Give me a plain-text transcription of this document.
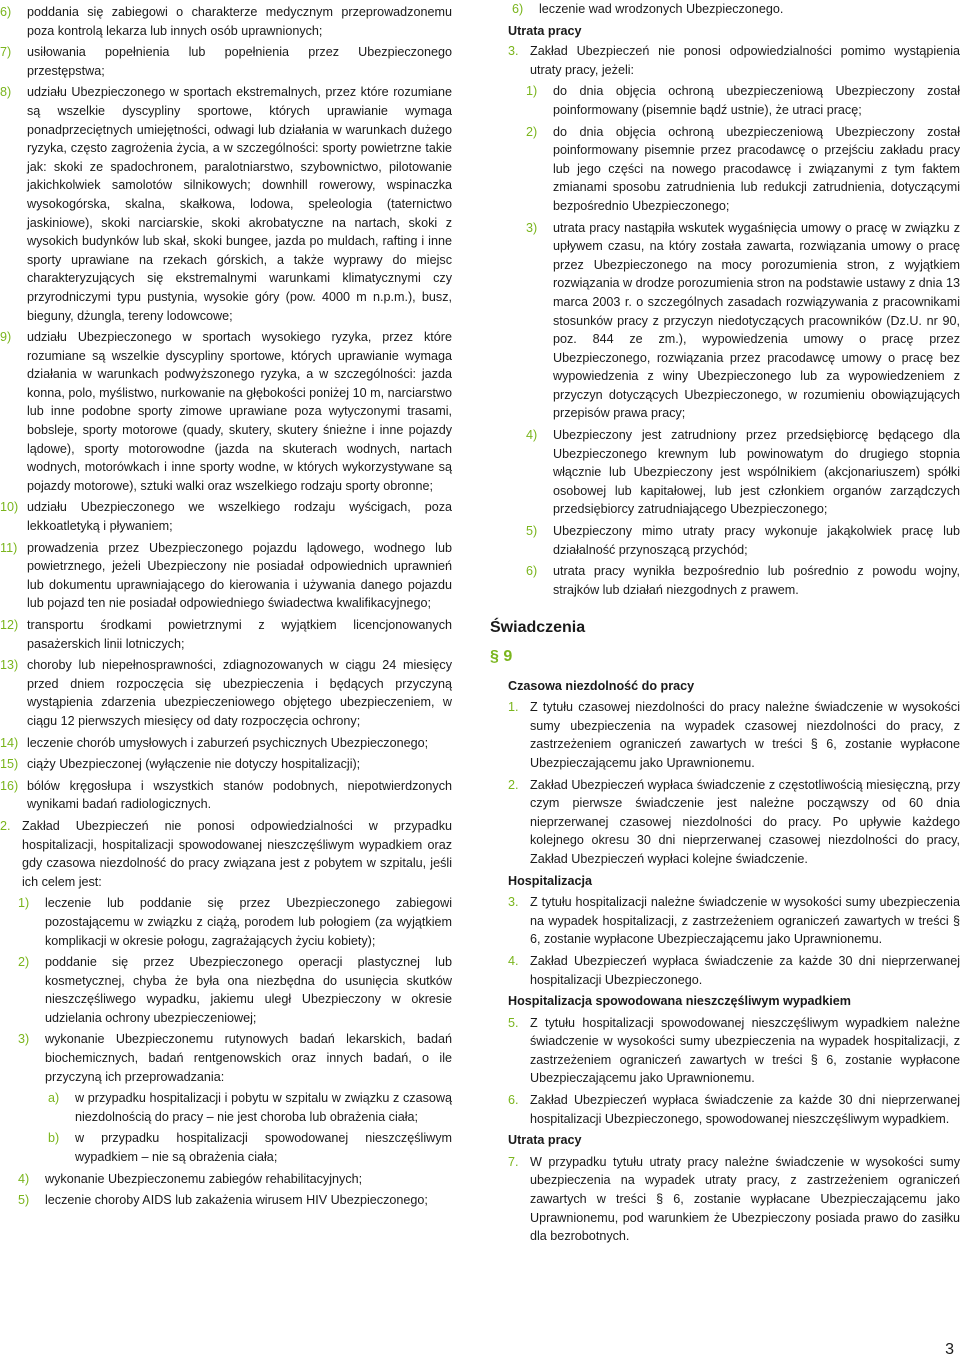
6)	poddania się zabiegowi o charakterze medycznym przeprowadzonemu poza kontrolą lekarza lub innych osób uprawnionych;
7)	usiłowania popełnienia lub popełnienia przez Ubezpieczonego przestępstwa;
8)	udziału Ubezpieczonego w sportach ekstremalnych, przez które rozumiane są wszelkie dyscypliny sportowe, których uprawianie wymaga ponadprzeciętnych umiejętności, odwagi lub działania w warunkach dużego ryzyka, często zagrożenia życia, a w szczególności: sporty powietrzne takie jak: skoki ze spadochronem, paralotniarstwo, szybownictwo, pilotowanie jakichkolwiek samolotów silnikowych; downhill rowerowy, wspinaczka wysokogórska, skalna, skałkowa, lodowa, speleologia (taternictwo jaskiniowe), skoki narciarskie, skoki akrobatyczne na nartach, skoki z wysokich budynków lub skał, skoki bungee, jazda po muldach, rafting i inne sporty uprawiane na rzekach górskich, a także wyprawy do miejsc charakteryzujących się ekstremalnymi warunkami klimatycznymi czy przyrodniczymi typu pustynia, wysokie góry (pow. 4000 m n.p.m.), busz, bieguny, dżungla, tereny lodowcowe;
9)	udziału Ubezpieczonego w sportach wysokiego ryzyka, przez które rozumiane są wszelkie dyscypliny sportowe, których uprawianie wymaga działania w warunkach podwyższonego ryzyka, a w szczególności: jazda konna, polo, myślistwo, nurkowanie na głębokości poniżej 10 m, narciarstwo lub inne podobne sporty zimowe uprawiane poza wytyczonymi trasami, bobsleje, sporty motorowe (quady, skutery, skutery śnieżne i inne pojazdy lądowe), sporty motorowodne (jazda na skuterach wodnych, nartach wodnych, motorówkach i inne sporty wodne, w których wykorzystywane są pojazdy motorowe), sztuki walki oraz wszelkiego rodzaju sporty obronne;
10) udziału Ubezpieczonego we wszelkiego rodzaju wyścigach, poza lekkoatletyką i pływaniem;
11) prowadzenia przez Ubezpieczonego pojazdu lądowego, wodnego lub powietrznego, jeżeli Ubezpieczony nie posiadał odpowiednich uprawnień lub dokumentu uprawniającego do kierowania i używania danego pojazdu lub pojazd ten nie posiadał odpowiedniego świadectwa kwalifikacyjnego;
12) transportu środkami powietrznymi z wyjątkiem licencjonowanych pasażerskich linii lotniczych;
13) choroby lub niepełnosprawności, zdiagnozowanych w ciągu 24 miesięcy przed dniem rozpoczęcia się ubezpieczenia i będących przyczyną wystąpienia zdarzenia ubezpieczeniowego objętego ubezpieczeniem, w ciągu 12 pierwszych miesięcy od daty rozpoczęcia ochrony;
14) leczenie chorób umysłowych i zaburzeń psychicznych Ubezpieczonego;
15) ciąży Ubezpieczonej (wyłączenie nie dotyczy hospitalizacji);
16) bólów kręgosłupa i wszystkich stanów podobnych, niepotwierdzonych wynikami badań radiologicznych.
2. Zakład Ubezpieczeń nie ponosi odpowiedzialności w przypadku hospitalizacji, hospitalizacji spowodowanej nieszczęśliwym wypadkiem oraz gdy czasowa niezdolność do pracy związana jest z pobytem w szpitalu, jeśli ich celem jest:
1)	leczenie lub poddanie się przez Ubezpieczonego zabiegowi pozostającemu w związku z ciążą, porodem lub połogiem (za wyjątkiem komplikacji w okresie połogu, zagrażających życiu kobiety);
2)	poddanie się przez Ubezpieczonego operacji plastycznej lub kosmetycznej, chyba że była ona niezbędna do usunięcia skutków nieszczęśliwego wypadku, jakiemu uległ Ubezpieczony w okresie udzielania ochrony ubezpieczeniowej;
3)	wykonanie Ubezpieczonemu rutynowych badań lekarskich, badań biochemicznych, badań rentgenowskich oraz innych badań, o ile przyczyną ich przeprowadzania:
a)	w przypadku hospitalizacji i pobytu w szpitalu w związku z czasową niezdolnością do pracy – nie jest choroba lub obrażenia ciała;
b)	w przypadku hospitalizacji spowodowanej nieszczęśliwym wypadkiem – nie są obrażenia ciała;
4)	wykonanie Ubezpieczonemu zabiegów rehabilitacyjnych;
5)	leczenie choroby AIDS lub zakażenia wirusem HIV Ubezpieczonego;
6)	leczenie wad wrodzonych Ubezpieczonego.
Utrata pracy
3. Zakład Ubezpieczeń nie ponosi odpowiedzialności pomimo wystąpienia utraty pracy, jeżeli:
1)	do dnia objęcia ochroną ubezpieczeniową Ubezpieczony został poinformowany (pisemnie bądź ustnie), że utraci pracę;
2)	do dnia objęcia ochroną ubezpieczeniową Ubezpieczony został poinformowany pisemnie przez pracodawcę o przejściu zakładu pracy lub jego części na nowego pracodawcę i związanymi z tym faktem zmianami sposobu zatrudnienia lub redukcji zatrudnienia, dotyczącymi bezpośrednio Ubezpieczonego;
3)	utrata pracy nastąpiła wskutek wygaśnięcia umowy o pracę w związku z upływem czasu, na który została zawarta, rozwiązania umowy o pracę przez Ubezpieczonego na mocy porozumienia stron, z wyjątkiem rozwiązania w drodze porozumienia stron na podstawie ustawy z dnia 13 marca 2003 r. o szczególnych zasadach rozwiązywania z pracownikami stosunków pracy z przyczyn niedotyczących pracowników (Dz.U. nr 90, poz. 844 ze zm.), wypowiedzenia umowy o pracę przez Ubezpieczonego, rozwiązania przez pracodawcę umowy o pracę bez wypowiedzenia z winy Ubezpieczonego lub za wypowiedzeniem z przyczyn dotyczących Ubezpieczonego, w rozumieniu obowiązujących przepisów prawa pracy;
4)	Ubezpieczony jest zatrudniony przez przedsiębiorcę będącego dla Ubezpieczonego krewnym lub powinowatym do drugiego stopnia włącznie lub Ubezpieczony jest wspólnikiem (akcjonariuszem) spółki osobowej lub kapitałowej, lub jest członkiem organów zarządczych przedsiębiorcy zatrudniającego Ubezpieczonego;
5)	Ubezpieczony mimo utraty pracy wykonuje jakąkolwiek pracę lub działalność przynoszącą przychód;
6)	utrata pracy wynikła bezpośrednio lub pośrednio z powodu wojny, strajków lub działań niezgodnych z prawem.
Świadczenia
§ 9
Czasowa niezdolność do pracy
1. Z tytułu czasowej niezdolności do pracy należne świadczenie w wysokości sumy ubezpieczenia na wypadek czasowej niezdolności do pracy, z zastrzeżeniem ograniczeń zawartych w treści § 6, zostanie wypłacone Ubezpieczającemu jako Uprawnionemu.
2. Zakład Ubezpieczeń wypłaca świadczenie z częstotliwością miesięczną, przy czym pierwsze świadczenie jest należne począwszy od 60 dnia nieprzerwanej czasowej niezdolności do pracy. Po upływie każdego kolejnego okresu 30 dni nieprzerwanej czasowej niezdolności do pracy, Zakład Ubezpieczeń wypłaci kolejne świadczenie.
Hospitalizacja
3. Z tytułu hospitalizacji należne świadczenie w wysokości sumy ubezpieczenia na wypadek hospitalizacji, z zastrzeżeniem ograniczeń zawartych w treści § 6, zostanie wypłacone Ubezpieczającemu jako Uprawnionemu.
4. Zakład Ubezpieczeń wypłaca świadczenie za każde 30 dni nieprzerwanej hospitalizacji Ubezpieczonego.
Hospitalizacja spowodowana nieszczęśliwym wypadkiem
5. Z tytułu hospitalizacji spowodowanej nieszczęśliwym wypadkiem należne świadczenie w wysokości sumy ubezpieczenia na wypadek hospitalizacji, z zastrzeżeniem ograniczeń zawartych w treści § 6, zostanie wypłacone Ubezpieczającemu jako Uprawnionemu.
6. Zakład Ubezpieczeń wypłaca świadczenie za każde 30 dni nieprzerwanej hospitalizacji Ubezpieczonego, spowodowanej nieszczęśliwym wypadkiem.
Utrata pracy
7. W przypadku tytułu utraty pracy należne świadczenie w wysokości sumy ubezpieczenia na wypadek utraty pracy, z zastrzeżeniem ograniczeń zawartych w treści § 6, zostanie wypłacane Ubezpieczającemu jako Uprawnionemu, pod warunkiem że Ubezpieczony posiada prawo do zasiłku dla bezrobotnych.
3
